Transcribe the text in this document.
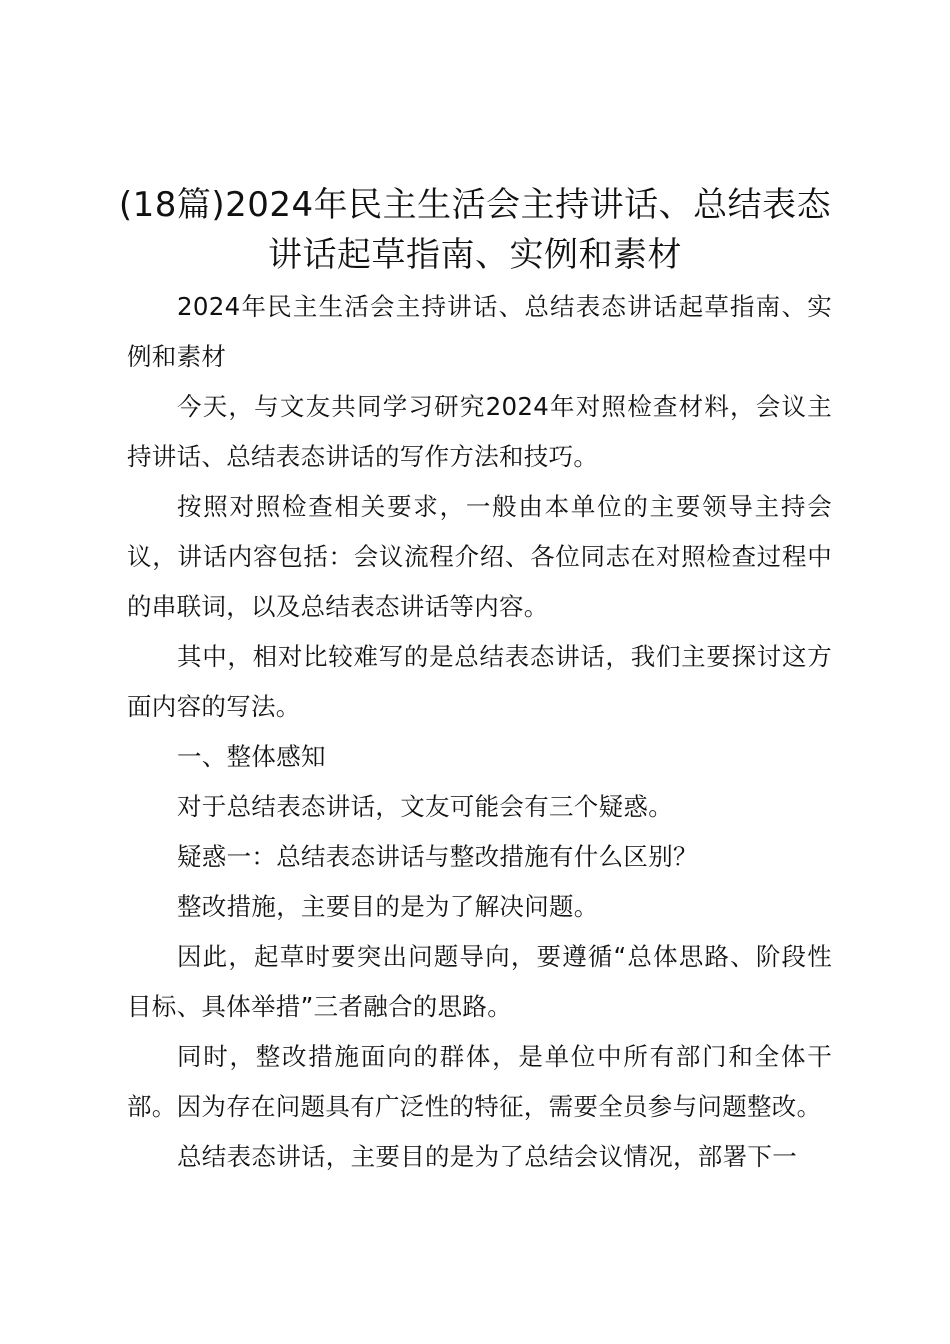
(18篇)2024年民主生活会主持讲话、总结表态讲话起草指南、实例和素材

2024年民主生活会主持讲话、总结表态讲话起草指南、实例和素材

今天，与文友共同学习研究2024年对照检查材料，会议主持讲话、总结表态讲话的写作方法和技巧。

按照对照检查相关要求，一般由本单位的主要领导主持会议，讲话内容包括：会议流程介绍、各位同志在对照检查过程中的串联词，以及总结表态讲话等内容。

其中，相对比较难写的是总结表态讲话，我们主要探讨这方面内容的写法。

一、整体感知

对于总结表态讲话，文友可能会有三个疑惑。

疑惑一：总结表态讲话与整改措施有什么区别？

整改措施，主要目的是为了解决问题。

因此，起草时要突出问题导向，要遵循“总体思路、阶段性目标、具体举措”三者融合的思路。

同时，整改措施面向的群体，是单位中所有部门和全体干部。因为存在问题具有广泛性的特征，需要全员参与问题整改。

总结表态讲话，主要目的是为了总结会议情况，部署下一
